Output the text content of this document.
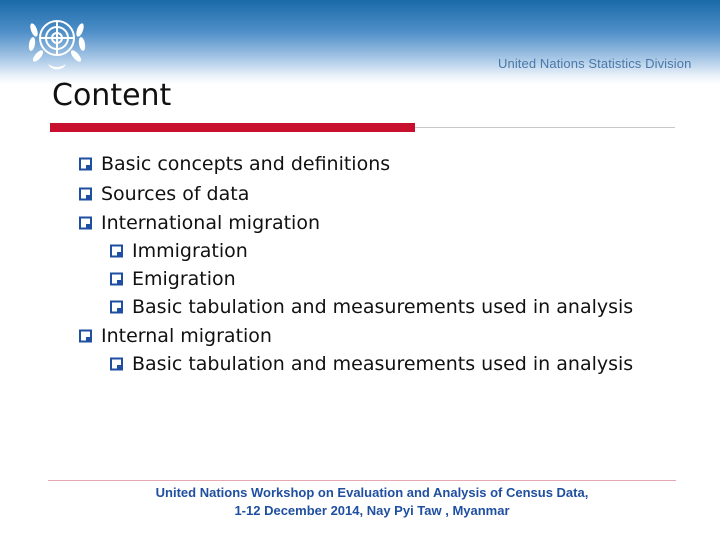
United Nations Statistics Division
Content
Basic concepts and definitions
Sources of data
International migration
Immigration
Emigration
Basic tabulation and measurements used in analysis
Internal migration
Basic tabulation and measurements used in analysis
United Nations Workshop on Evaluation and Analysis of Census Data,
1-12 December 2014, Nay Pyi Taw , Myanmar
